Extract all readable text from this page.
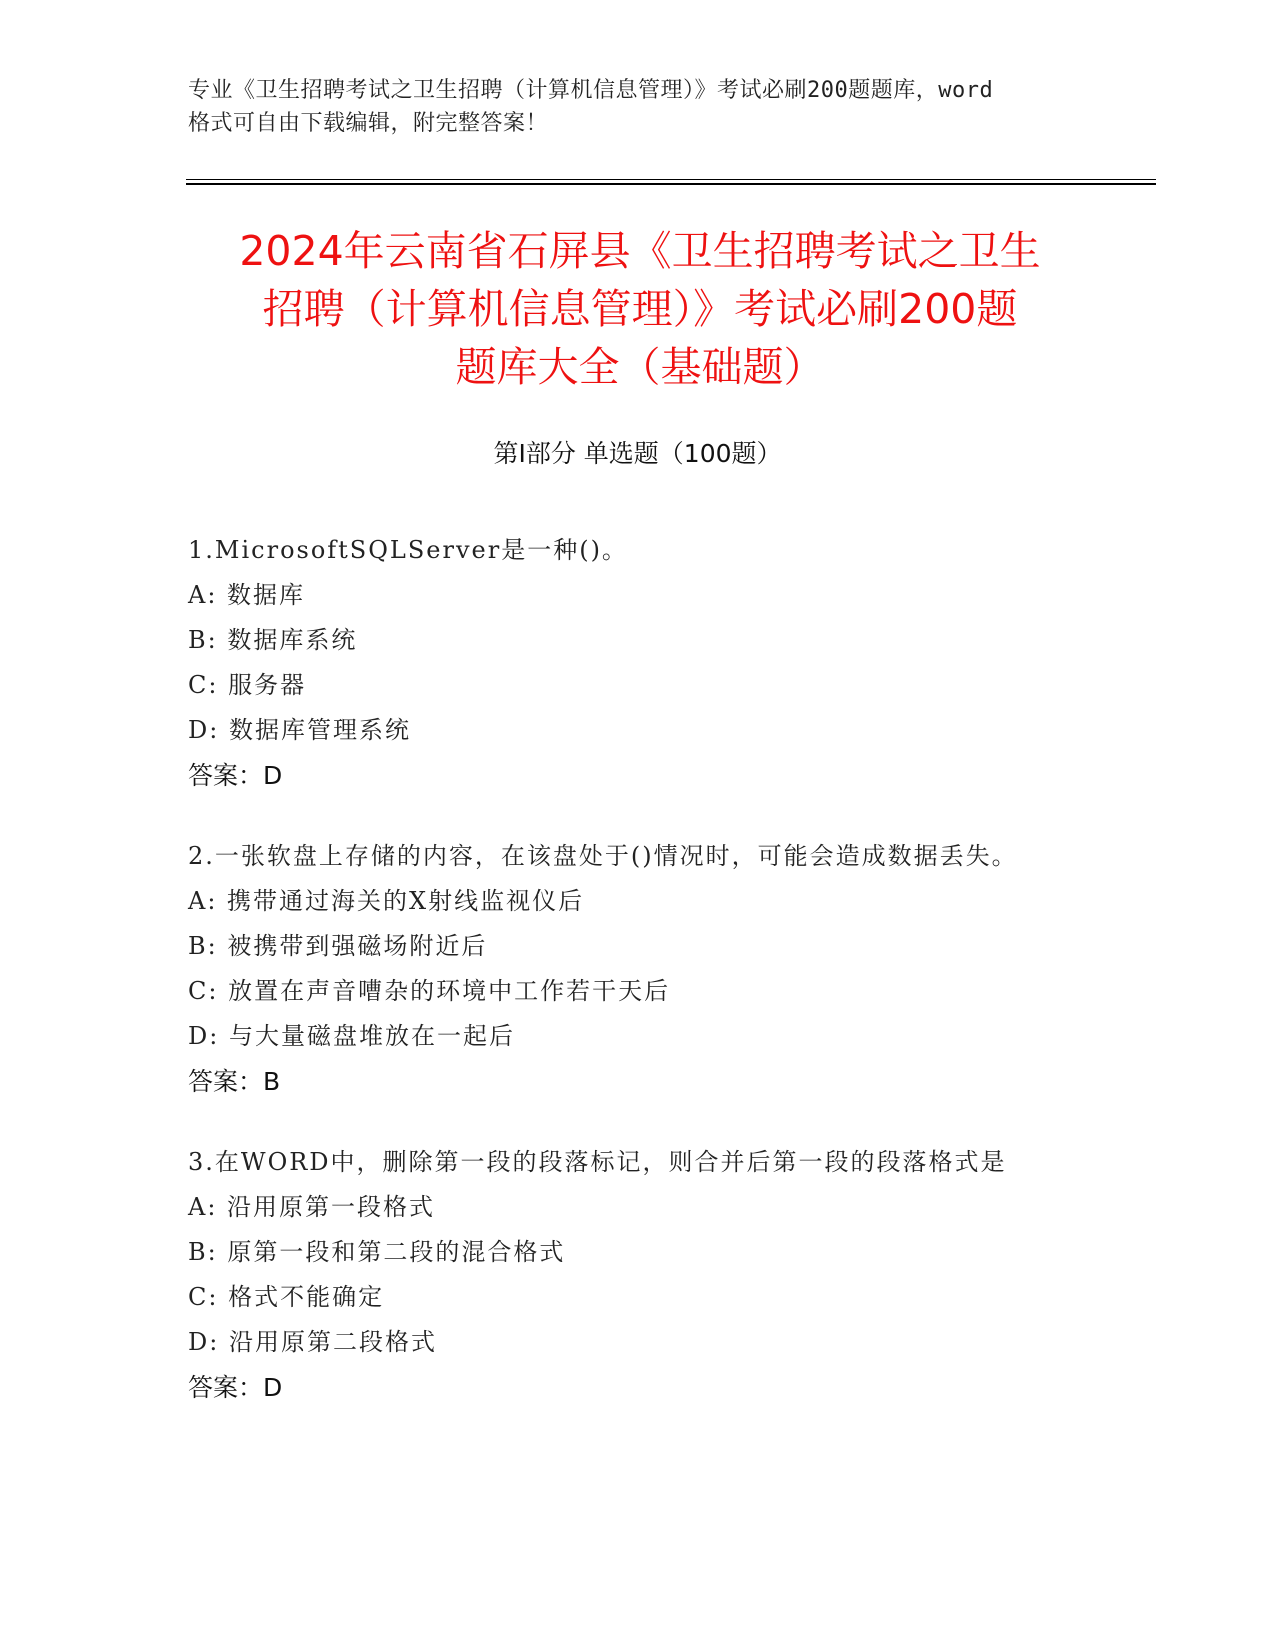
专业《卫生招聘考试之卫生招聘（计算机信息管理）》考试必刷200题题库，word
格式可自由下载编辑，附完整答案！
2024年云南省石屏县《卫生招聘考试之卫生
招聘（计算机信息管理）》考试必刷200题
题库大全（基础题）
第Ⅰ部分 单选题（100题）
1.MicrosoftSQLServer是一种()。
A: 数据库
B: 数据库系统
C: 服务器
D: 数据库管理系统
答案：D
2.一张软盘上存储的内容，在该盘处于()情况时，可能会造成数据丢失。
A: 携带通过海关的X射线监视仪后
B: 被携带到强磁场附近后
C: 放置在声音嘈杂的环境中工作若干天后
D: 与大量磁盘堆放在一起后
答案：B
3.在WORD中，删除第一段的段落标记，则合并后第一段的段落格式是
A: 沿用原第一段格式
B: 原第一段和第二段的混合格式
C: 格式不能确定
D: 沿用原第二段格式
答案：D
